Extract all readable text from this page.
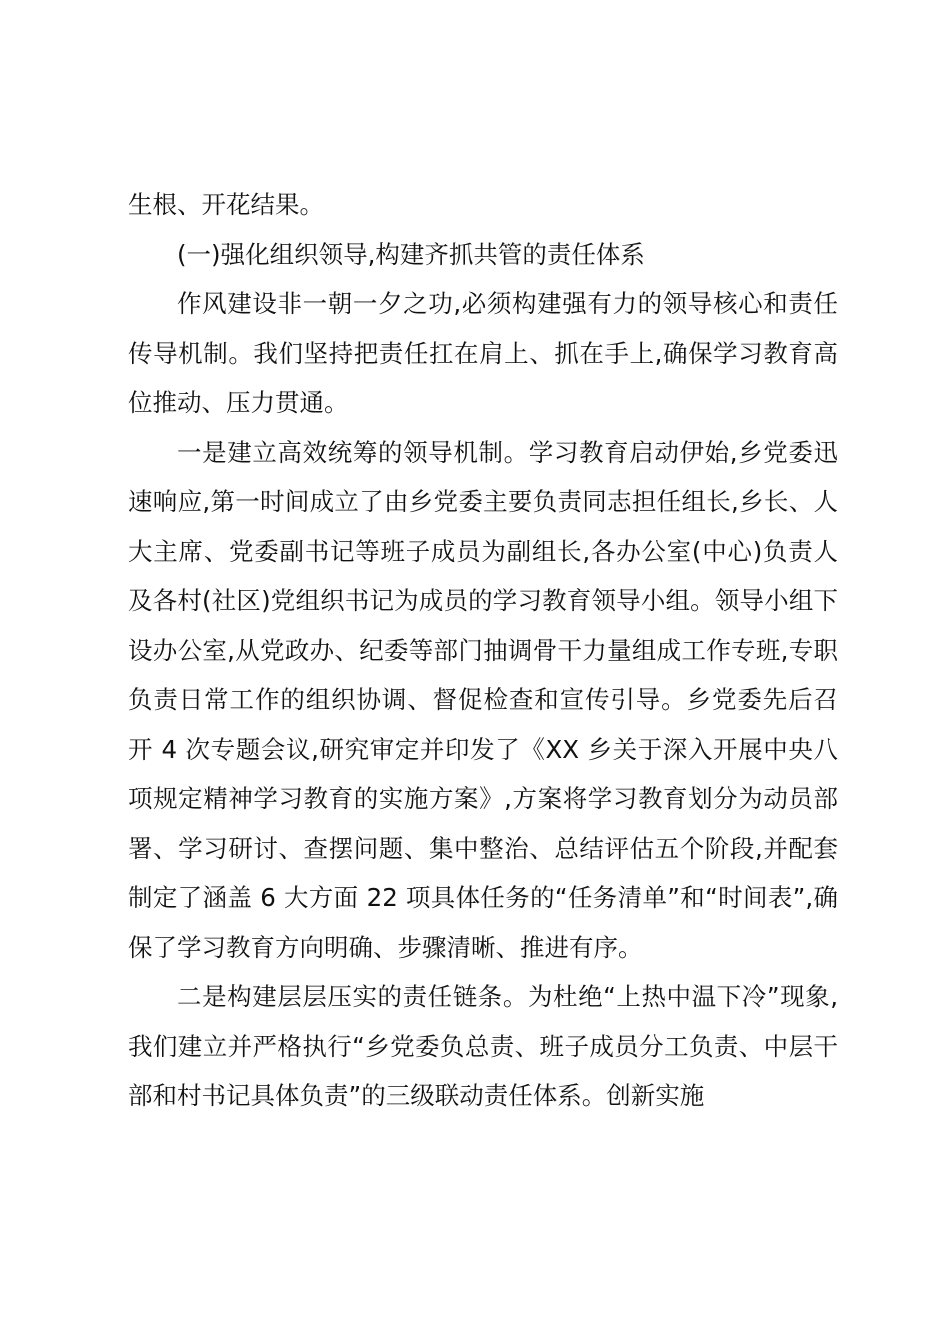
生根、开花结果。

(一)强化组织领导,构建齐抓共管的责任体系

作风建设非一朝一夕之功,必须构建强有力的领导核心和责任传导机制。我们坚持把责任扛在肩上、抓在手上,确保学习教育高位推动、压力贯通。

一是建立高效统筹的领导机制。学习教育启动伊始,乡党委迅速响应,第一时间成立了由乡党委主要负责同志担任组长,乡长、人大主席、党委副书记等班子成员为副组长,各办公室(中心)负责人及各村(社区)党组织书记为成员的学习教育领导小组。领导小组下设办公室,从党政办、纪委等部门抽调骨干力量组成工作专班,专职负责日常工作的组织协调、督促检查和宣传引导。乡党委先后召开 4 次专题会议,研究审定并印发了《XX 乡关于深入开展中央八项规定精神学习教育的实施方案》,方案将学习教育划分为动员部署、学习研讨、查摆问题、集中整治、总结评估五个阶段,并配套制定了涵盖 6 大方面 22 项具体任务的“任务清单”和“时间表”,确保了学习教育方向明确、步骤清晰、推进有序。

二是构建层层压实的责任链条。为杜绝“上热中温下冷”现象,我们建立并严格执行“乡党委负总责、班子成员分工负责、中层干部和村书记具体负责”的三级联动责任体系。创新实施
